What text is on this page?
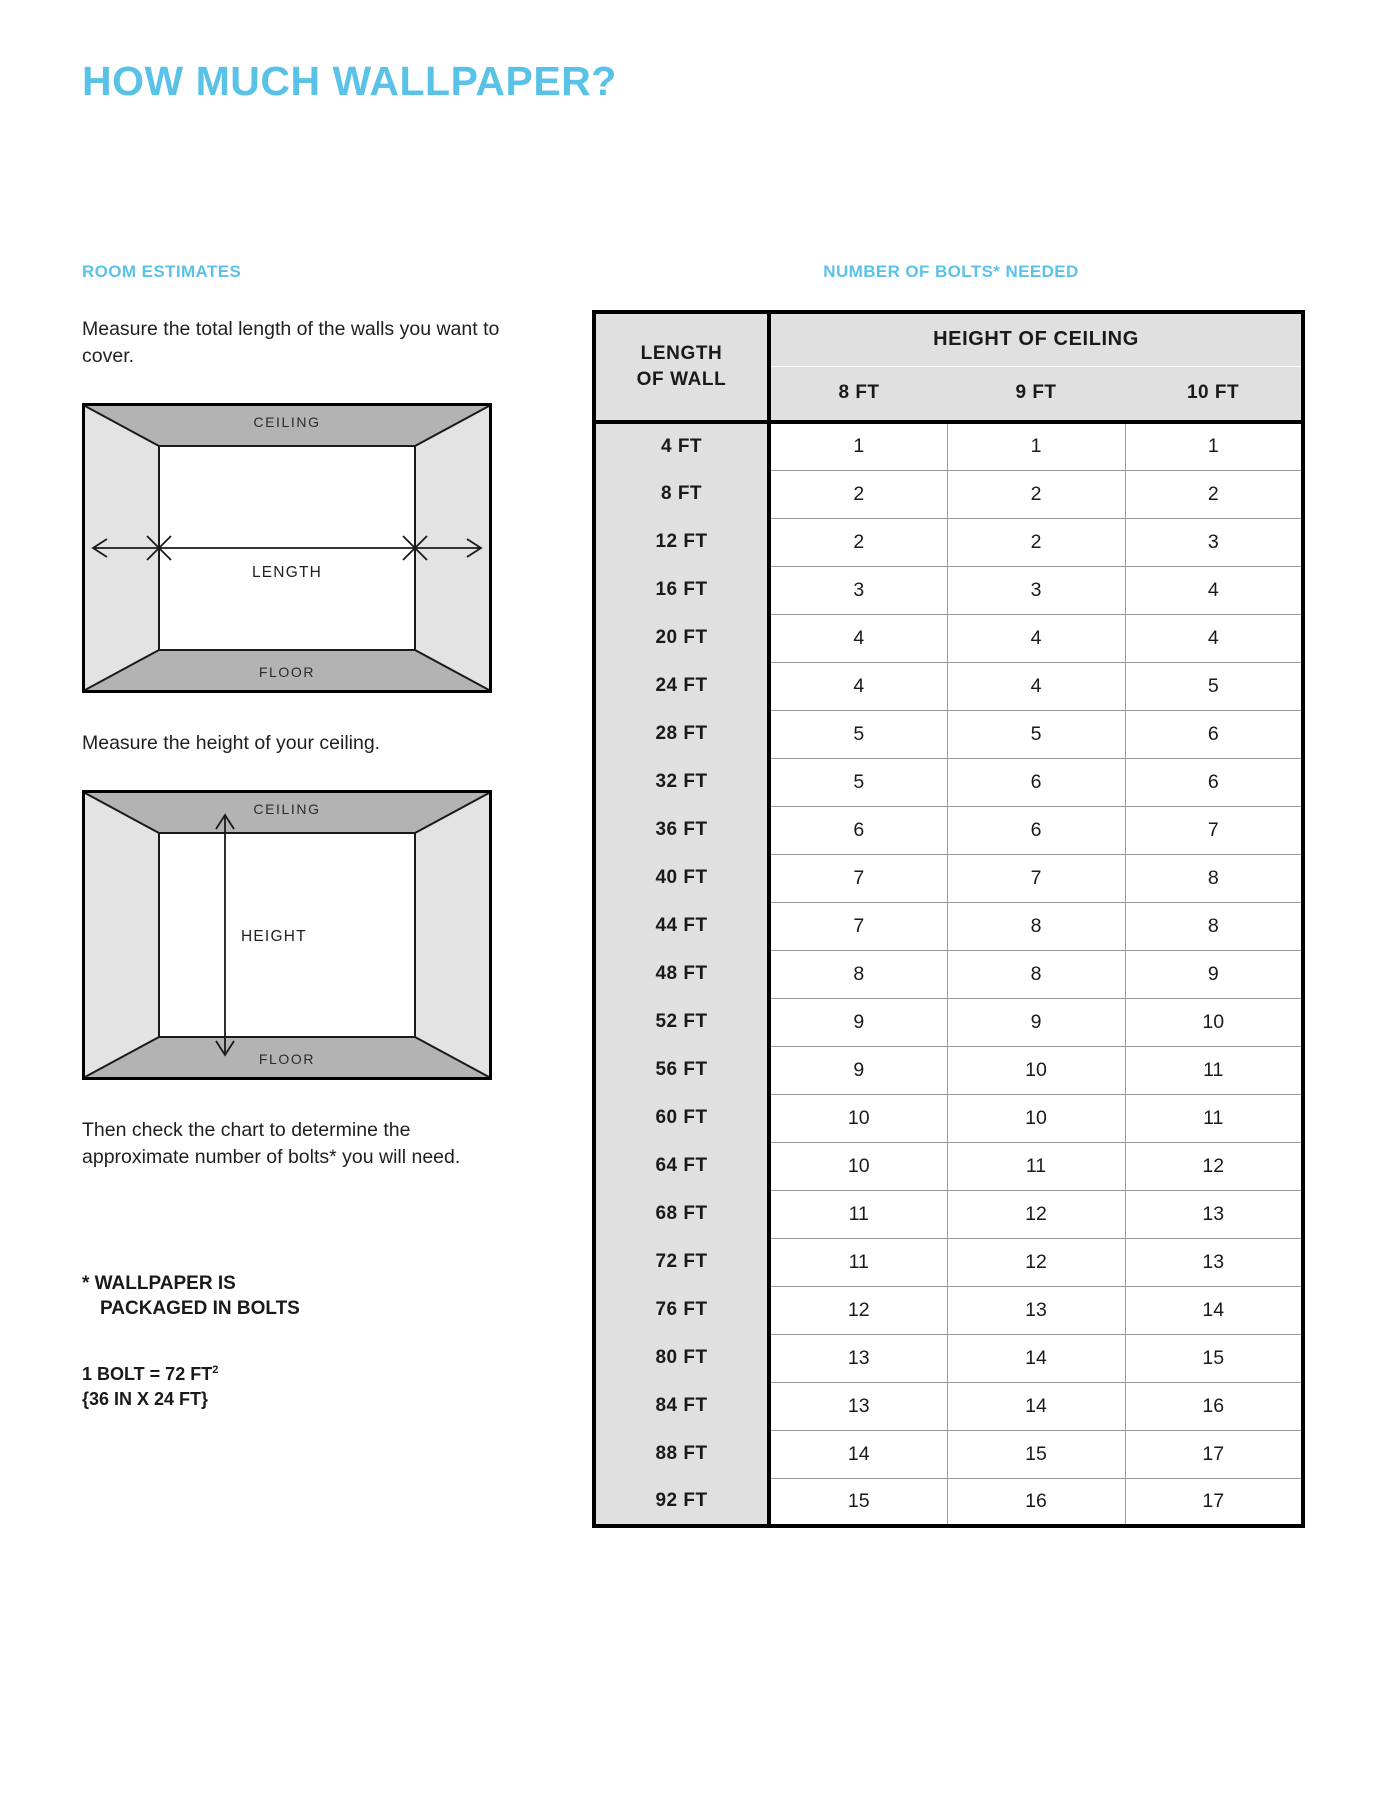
HOW MUCH WALLPAPER?
ROOM ESTIMATES

Measure the total length of the walls you want to cover.

CEILING
FLOOR
LENGTH

Measure the height of your ceiling.

CEILING
FLOOR
HEIGHT

Then check the chart to determine the approximate number of bolts* you will need.

* WALLPAPER IS

PACKAGED IN BOLTS

1 BOLT = 72 $FT^2$

{36 IN X 24 FT}

NUMBER OF BOLTS* NEEDED
LENGTH
OF WALL	HEIGHT OF CEILING		
	8 FT	9 FT	10 FT
4 FT	1	1	1
8 FT	2	2	2
12 FT	2	2	3
16 FT	3	3	4
20 FT	4	4	4
24 FT	4	4	5
28 FT	5	5	6
32 FT	5	6	6
36 FT	6	6	7
40 FT	7	7	8
44 FT	7	8	8
48 FT	8	8	9
52 FT	9	9	10
56 FT	9	10	11
60 FT	10	10	11
64 FT	10	11	12
68 FT	11	12	13
72 FT	11	12	13
76 FT	12	13	14
80 FT	13	14	15
84 FT	13	14	16
88 FT	14	15	17
92 FT	15	16	17
